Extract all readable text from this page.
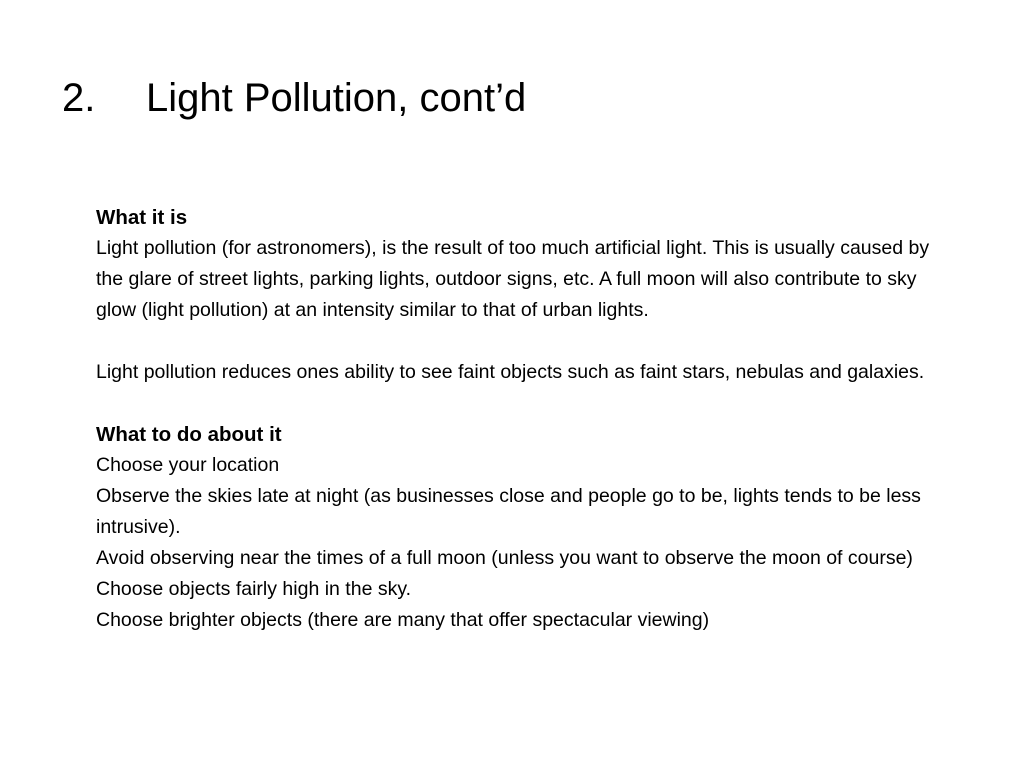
2.	Light Pollution, cont’d

What it is

Light pollution (for astronomers), is the result of too much artificial light. This is usually caused by the glare of street lights, parking lights, outdoor signs, etc. A full moon will also contribute to sky glow (light pollution) at an intensity similar to that of urban lights.

Light pollution reduces ones ability to see faint objects such as faint stars, nebulas and galaxies.

What to do about it

Choose your location

Observe the skies late at night (as businesses close and people go to be, lights tends to be less intrusive).

Avoid observing near the times of a full moon (unless you want to observe the moon of course)

Choose objects fairly high in the sky.

Choose brighter objects (there are many that offer spectacular viewing)
